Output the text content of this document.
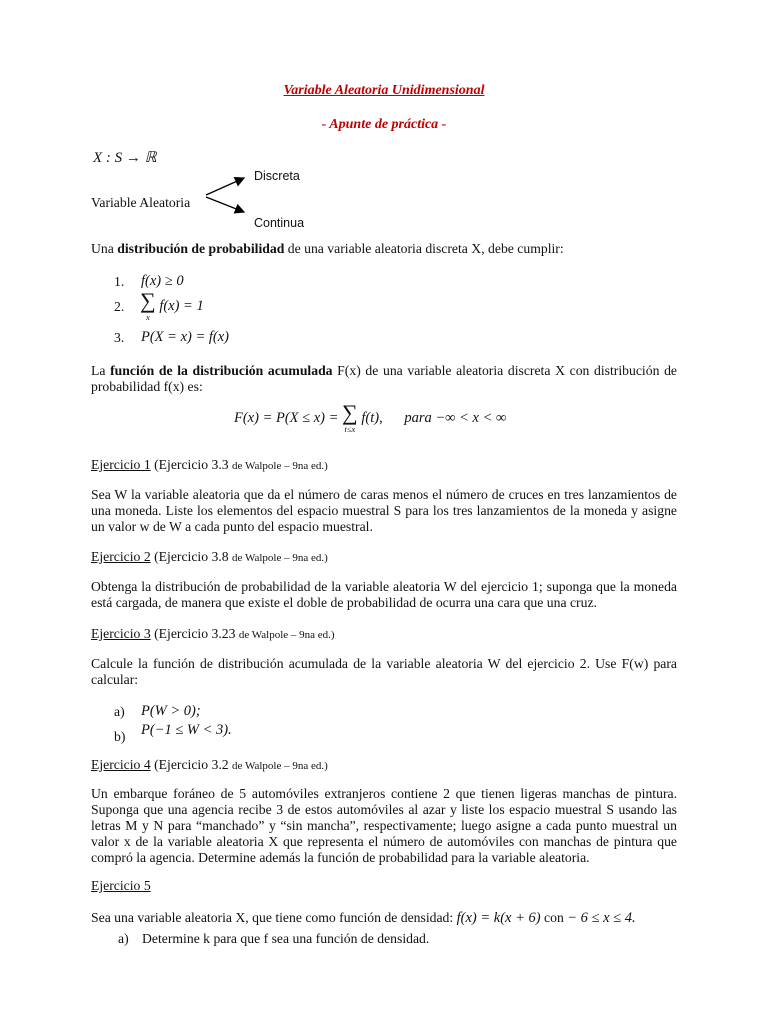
Variable Aleatoria Unidimensional
- Apunte de práctica -
X : S → ℝ
Variable Aleatoria
Discreta
Continua
Una distribución de probabilidad de una variable aleatoria discreta X, debe cumplir:
1. f(x) ≥ 0
2. ∑
x
f(x) = 1
3. P(X = x) = f(x)
La función de la distribución acumulada F(x) de una variable aleatoria discreta X con distribución de probabilidad f(x) es:
F(x) = P(X ≤ x) = ∑
t≤x
f(t), para −∞ < x < ∞
Ejercicio 1 (Ejercicio 3.3 de Walpole – 9na ed.)
Sea W la variable aleatoria que da el número de caras menos el número de cruces en tres lanzamientos de una moneda. Liste los elementos del espacio muestral S para los tres lanzamientos de la moneda y asigne un valor w de W a cada punto del espacio muestral.
Ejercicio 2 (Ejercicio 3.8 de Walpole – 9na ed.)
Obtenga la distribución de probabilidad de la variable aleatoria W del ejercicio 1; suponga que la moneda está cargada, de manera que existe el doble de probabilidad de ocurra una cara que una cruz.
Ejercicio 3 (Ejercicio 3.23 de Walpole – 9na ed.)
Calcule la función de distribución acumulada de la variable aleatoria W del ejercicio 2. Use F(w) para calcular:
a) P(W > 0);
b) P(−1 ≤ W < 3).
Ejercicio 4 (Ejercicio 3.2 de Walpole – 9na ed.)
Un embarque foráneo de 5 automóviles extranjeros contiene 2 que tienen ligeras manchas de pintura. Suponga que una agencia recibe 3 de estos automóviles al azar y liste los espacio muestral S usando las letras M y N para “manchado” y “sin mancha”, respectivamente; luego asigne a cada punto muestral un valor x de la variable aleatoria X que representa el número de automóviles con manchas de pintura que compró la agencia. Determine además la función de probabilidad para la variable aleatoria.
Ejercicio 5
Sea una variable aleatoria X, que tiene como función de densidad: f(x) = k(x + 6) con − 6 ≤ x ≤ 4.
a) Determine k para que f sea una función de densidad.
